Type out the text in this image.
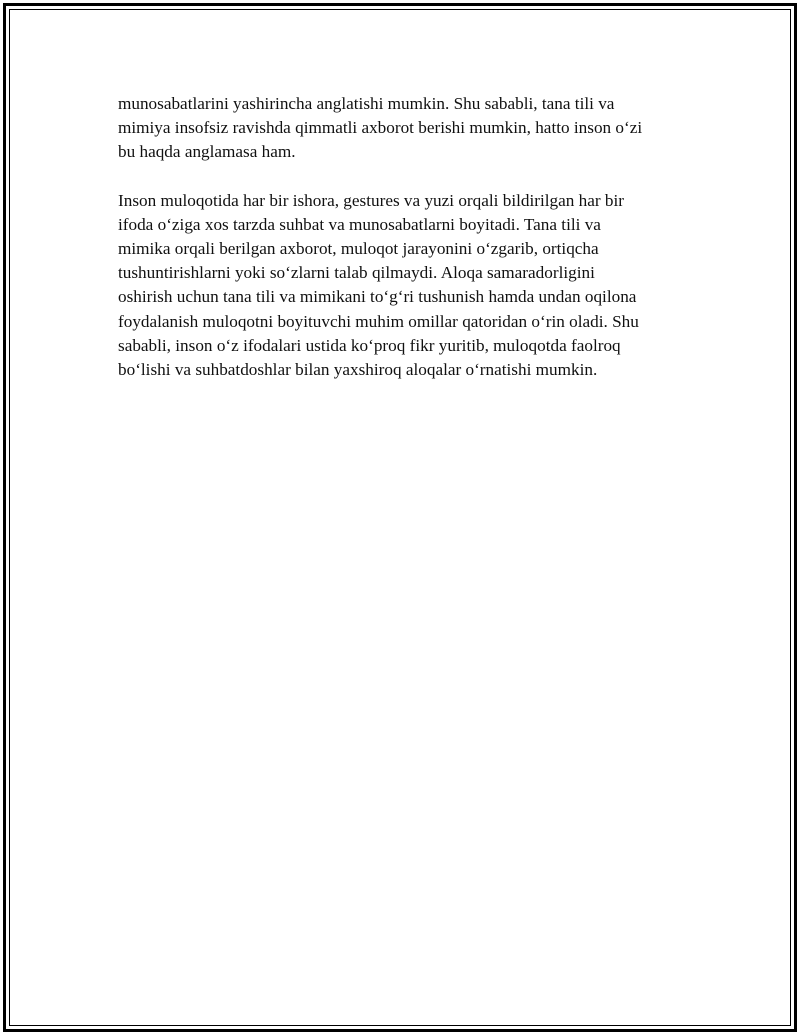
munosabatlarini yashirincha anglatishi mumkin. Shu sababli, tana tili va
mimiya insofsiz ravishda qimmatli axborot berishi mumkin, hatto inson o‘zi
bu haqda anglamasa ham.

Inson muloqotida har bir ishora, gestures va yuzi orqali bildirilgan har bir
ifoda o‘ziga xos tarzda suhbat va munosabatlarni boyitadi. Tana tili va
mimika orqali berilgan axborot, muloqot jarayonini o‘zgarib, ortiqcha
tushuntirishlarni yoki so‘zlarni talab qilmaydi. Aloqa samaradorligini
oshirish uchun tana tili va mimikani to‘g‘ri tushunish hamda undan oqilona
foydalanish muloqotni boyituvchi muhim omillar qatoridan o‘rin oladi. Shu
sababli, inson o‘z ifodalari ustida ko‘proq fikr yuritib, muloqotda faolroq
bo‘lishi va suhbatdoshlar bilan yaxshiroq aloqalar o‘rnatishi mumkin.
